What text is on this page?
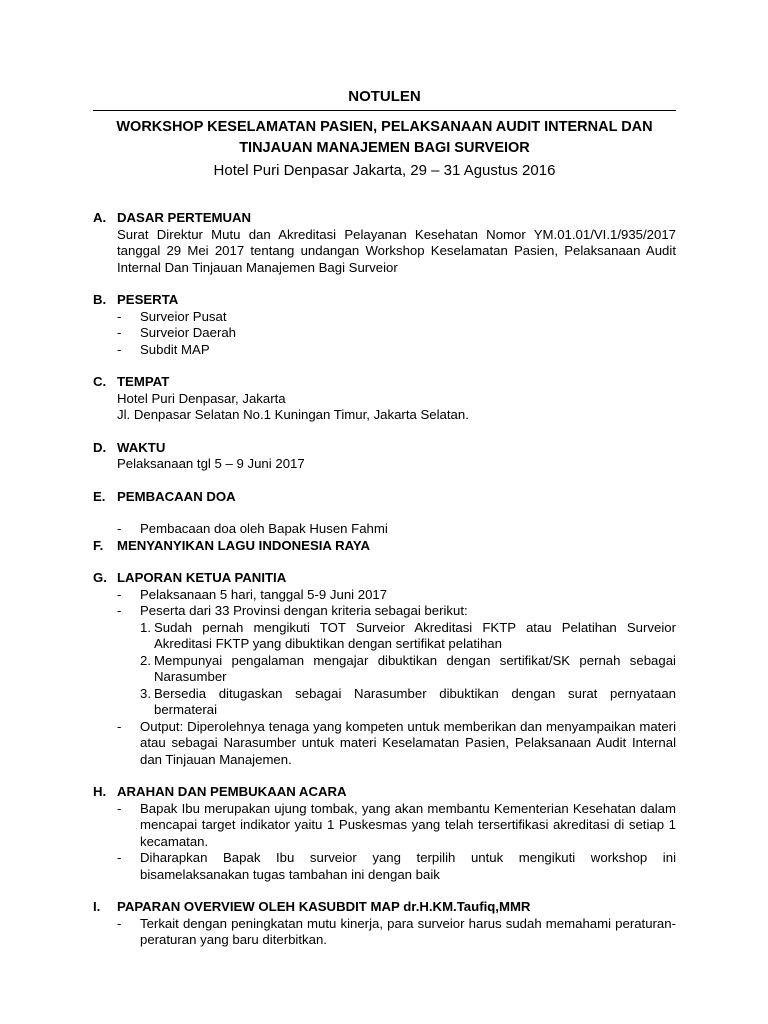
NOTULEN

WORKSHOP KESELAMATAN PASIEN, PELAKSANAAN AUDIT INTERNAL DAN
TINJAUAN MANAJEMEN BAGI SURVEIOR
Hotel Puri Denpasar Jakarta, 29 – 31 Agustus 2016
A. DASAR PERTEMUAN
Surat Direktur Mutu dan Akreditasi Pelayanan Kesehatan Nomor YM.01.01/VI.1/935/2017 tanggal 29 Mei 2017 tentang undangan Workshop Keselamatan Pasien, Pelaksanaan Audit Internal Dan Tinjauan Manajemen Bagi Surveior
B. PESERTA
- Surveior Pusat
- Surveior Daerah
- Subdit MAP
C. TEMPAT
Hotel Puri Denpasar, Jakarta
Jl. Denpasar Selatan No.1 Kuningan Timur, Jakarta Selatan.
D. WAKTU
Pelaksanaan tgl 5 – 9 Juni 2017
E. PEMBACAAN DOA
- Pembacaan doa oleh Bapak Husen Fahmi
F. MENYANYIKAN LAGU INDONESIA RAYA
G. LAPORAN KETUA PANITIA
- Pelaksanaan 5 hari, tanggal 5-9 Juni 2017
- Peserta dari 33 Provinsi dengan kriteria sebagai berikut:
1. Sudah pernah mengikuti TOT Surveior Akreditasi FKTP atau Pelatihan Surveior Akreditasi FKTP yang dibuktikan dengan sertifikat pelatihan
2. Mempunyai pengalaman mengajar dibuktikan dengan sertifikat/SK pernah sebagai Narasumber
3. Bersedia ditugaskan sebagai Narasumber dibuktikan dengan surat pernyataan bermaterai
- Output: Diperolehnya tenaga yang kompeten untuk memberikan dan menyampaikan materi atau sebagai Narasumber untuk materi Keselamatan Pasien, Pelaksanaan Audit Internal dan Tinjauan Manajemen.
H. ARAHAN DAN PEMBUKAAN ACARA
- Bapak Ibu merupakan ujung tombak, yang akan membantu Kementerian Kesehatan dalam mencapai target indikator yaitu 1 Puskesmas yang telah tersertifikasi akreditasi di setiap 1 kecamatan.
- Diharapkan Bapak Ibu surveior yang terpilih untuk mengikuti workshop ini bisamelaksanakan tugas tambahan ini dengan baik
I. PAPARAN OVERVIEW OLEH KASUBDIT MAP dr.H.KM.Taufiq,MMR
- Terkait dengan peningkatan mutu kinerja, para surveior harus sudah memahami peraturan-peraturan yang baru diterbitkan.
